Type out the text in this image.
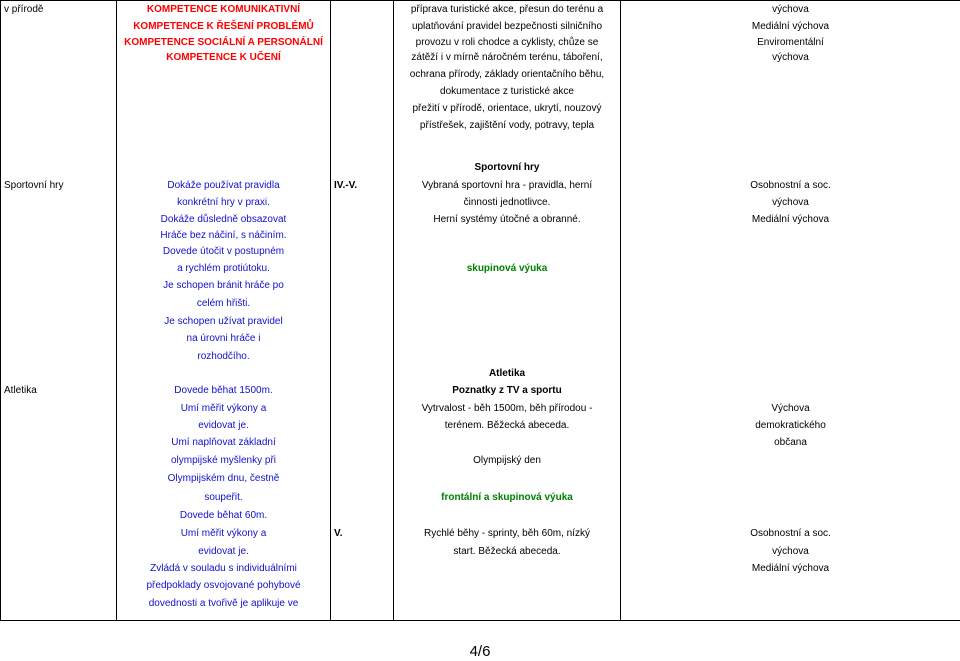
v přírodě	KOMPETENCE KOMUNIKATIVNÍ		příprava turistické akce, přesun do terénu a	výchova
	KOMPETENCE K ŘEŠENÍ PROBLÉMŮ		uplatňování pravidel bezpečnosti silničního	Mediální výchova
	KOMPETENCE SOCIÁLNÍ A PERSONÁLNÍ		provozu v roli chodce a cyklisty, chůze se	Enviromentální
	KOMPETENCE K UČENÍ		zátěží i v mírně náročném terénu, táboření,	výchova
			ochrana přírody, základy orientačního běhu,	
			dokumentace z turistické akce	
			přežití v přírodě, orientace, ukrytí, nouzový	
			přístřešek, zajištění vody, potravy, tepla	

			Sportovní hry	
Sportovní hry	Dokáže používat pravidla	IV.-V.	Vybraná sportovní hra - pravidla, herní	Osobnostní a soc.
	konkrétní hry v praxi.		činnosti jednotlivce.	výchova
	Dokáže důsledně obsazovat		Herní systémy útočné a obranné.	Mediální výchova
	Hráče bez náčiní, s náčiním.			
	Dovede útočit v postupném			
	a rychlém protiútoku.		skupinová výuka	
	Je schopen bránit hráče po			
	celém hřišti.			
	Je schopen užívat pravidel			
	na úrovni hráče i			
	rozhodčího.			
			Atletika	
Atletika	Dovede běhat 1500m.		Poznatky z TV a sportu	
	Umí měřit výkony a		Vytrvalost - běh 1500m, běh přírodou -	Výchova
	evidovat je.		terénem. Běžecká abeceda.	demokratického
	Umí naplňovat základní			občana
	olympijské myšlenky při		Olympijský den	
	Olympijském dnu, čestně			
	soupeřit.		frontální a skupinová výuka	
	Dovede běhat 60m.			
	Umí měřit výkony a	V.	Rychlé běhy - sprinty, běh 60m, nízký	Osobnostní a soc.
	evidovat je.		start. Běžecká abeceda.	výchova
	Zvládá v souladu s individuálními			Mediální výchova
	předpoklady osvojované pohybové			
	dovednosti a tvořivě je aplikuje ve			

4/6
